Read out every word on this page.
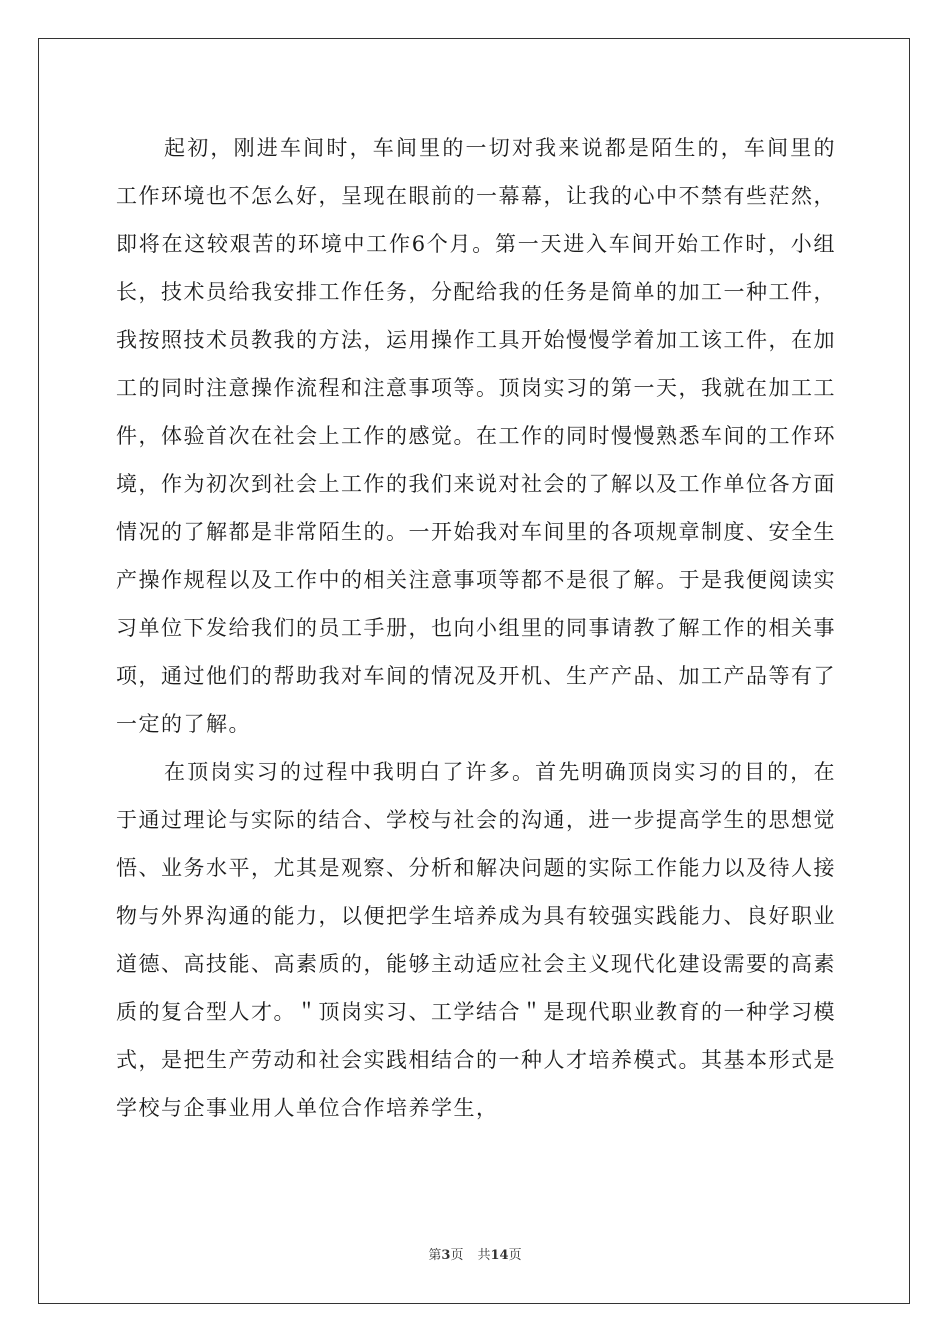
起初，刚进车间时，车间里的一切对我来说都是陌生的，车间里的工作环境也不怎么好，呈现在眼前的一幕幕，让我的心中不禁有些茫然，即将在这较艰苦的环境中工作6个月。第一天进入车间开始工作时，小组长，技术员给我安排工作任务，分配给我的任务是简单的加工一种工件，我按照技术员教我的方法，运用操作工具开始慢慢学着加工该工件，在加工的同时注意操作流程和注意事项等。顶岗实习的第一天，我就在加工工件，体验首次在社会上工作的感觉。在工作的同时慢慢熟悉车间的工作环境，作为初次到社会上工作的我们来说对社会的了解以及工作单位各方面情况的了解都是非常陌生的。一开始我对车间里的各项规章制度、安全生产操作规程以及工作中的相关注意事项等都不是很了解。于是我便阅读实习单位下发给我们的员工手册，也向小组里的同事请教了解工作的相关事项，通过他们的帮助我对车间的情况及开机、生产产品、加工产品等有了一定的了解。

在顶岗实习的过程中我明白了许多。首先明确顶岗实习的目的，在于通过理论与实际的结合、学校与社会的沟通，进一步提高学生的思想觉悟、业务水平，尤其是观察、分析和解决问题的实际工作能力以及待人接物与外界沟通的能力，以便把学生培养成为具有较强实践能力、良好职业道德、高技能、高素质的，能够主动适应社会主义现代化建设需要的高素质的复合型人才。＂顶岗实习、工学结合＂是现代职业教育的一种学习模式，是把生产劳动和社会实践相结合的一种人才培养模式。其基本形式是学校与企事业用人单位合作培养学生，

第3页 共14页
